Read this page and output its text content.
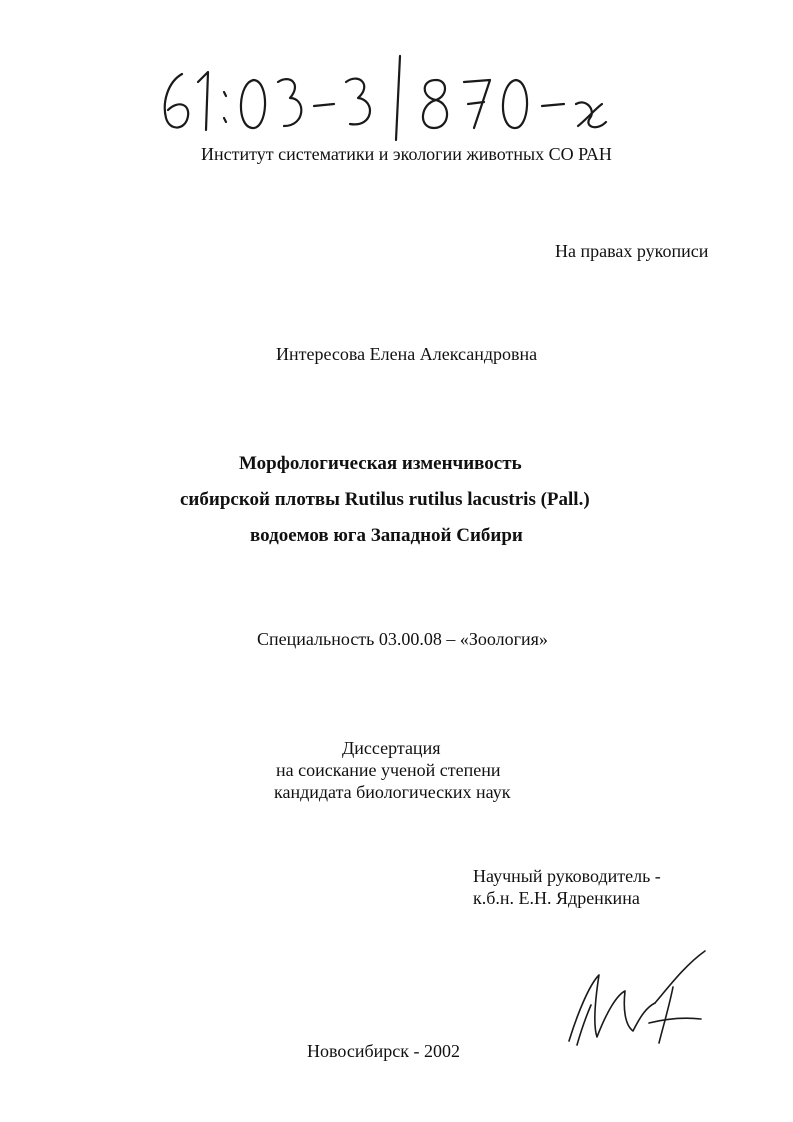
Институт систематики и экологии животных СО РАН
На правах рукописи
Интересова Елена Александровна
Морфологическая изменчивость
сибирской плотвы Rutilus rutilus lacustris (Pall.)
водоемов юга Западной Сибири
Специальность 03.00.08 – «Зоология»
Диссертация
на соискание ученой степени
кандидата биологических наук
Научный руководитель -
к.б.н. Е.Н. Ядренкина
Новосибирск - 2002
